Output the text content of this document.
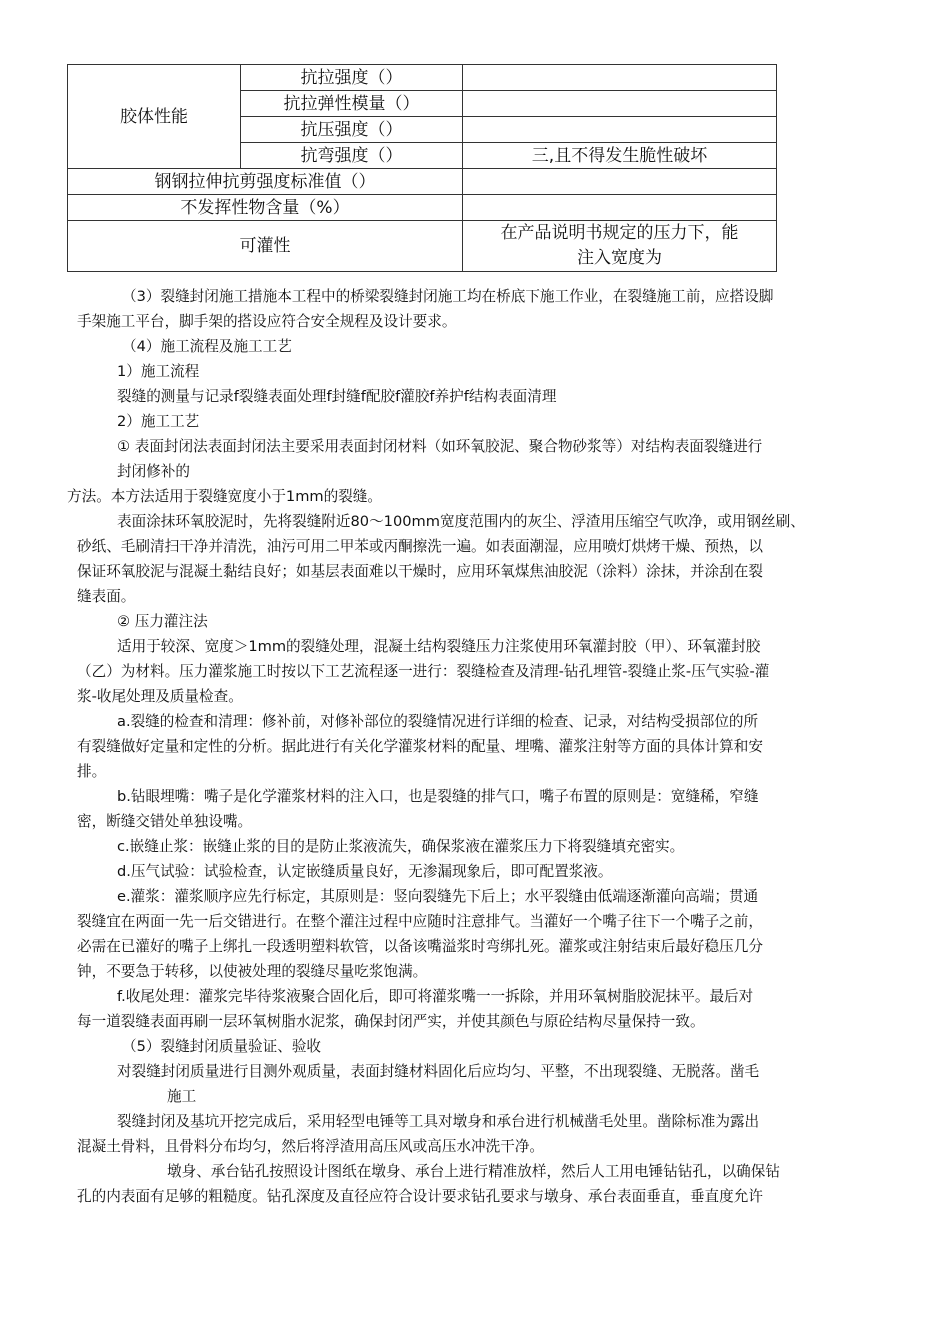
胶体性能	抗拉强度（）	
	抗拉弹性模量（）	
	抗压强度（）	
	抗弯强度（）	三,且不得发生脆性破坏
钢钢拉伸抗剪强度标准值（）		
不发挥性物含量（%）		
可灌性		在产品说明书规定的压力下，能
注入宽度为

（3）裂缝封闭施工措施本工程中的桥梁裂缝封闭施工均在桥底下施工作业，在裂缝施工前，应搭设脚

手架施工平台，脚手架的搭设应符合安全规程及设计要求。

（4）施工流程及施工工艺

1）施工流程

裂缝的测量与记录f裂缝表面处理f封缝f配胶f灌胶f养护f结构表面清理

2）施工工艺

① 表面封闭法表面封闭法主要采用表面封闭材料（如环氧胶泥、聚合物砂浆等）对结构表面裂缝进行

封闭修补的

方法。本方法适用于裂缝宽度小于1mm的裂缝。

表面涂抹环氧胶泥时，先将裂缝附近80〜100mm宽度范围内的灰尘、浮渣用压缩空气吹净，或用钢丝刷、

砂纸、毛刷清扫干净并清洗，油污可用二甲苯或丙酮擦洗一遍。如表面潮湿，应用喷灯烘烤干燥、预热，以

保证环氧胶泥与混凝土黏结良好；如基层表面难以干燥时，应用环氧煤焦油胶泥（涂料）涂抹，并涂刮在裂

缝表面。

② 压力灌注法

适用于较深、宽度＞1mm的裂缝处理，混凝土结构裂缝压力注浆使用环氧灌封胶（甲）、环氧灌封胶

（乙）为材料。压力灌浆施工时按以下工艺流程逐一进行：裂缝检查及清理-钻孔埋管-裂缝止浆-压气实验-灌

浆-收尾处理及质量检查。

a.裂缝的检查和清理：修补前，对修补部位的裂缝情况进行详细的检查、记录，对结构受损部位的所

有裂缝做好定量和定性的分析。据此进行有关化学灌浆材料的配量、埋嘴、灌浆注射等方面的具体计算和安

排。

b.钻眼埋嘴：嘴子是化学灌浆材料的注入口，也是裂缝的排气口，嘴子布置的原则是：宽缝稀，窄缝

密，断缝交错处单独设嘴。

c.嵌缝止浆：嵌缝止浆的目的是防止浆液流失，确保浆液在灌浆压力下将裂缝填充密实。

d.压气试验：试验检查，认定嵌缝质量良好，无渗漏现象后，即可配置浆液。

e.灌浆：灌浆顺序应先行标定，其原则是：竖向裂缝先下后上；水平裂缝由低端逐渐灌向高端；贯通

裂缝宜在两面一先一后交错进行。在整个灌注过程中应随时注意排气。当灌好一个嘴子往下一个嘴子之前，

必需在已灌好的嘴子上绑扎一段透明塑料软管，以备该嘴溢浆时弯绑扎死。灌浆或注射结束后最好稳压几分

钟，不要急于转移，以使被处理的裂缝尽量吃浆饱满。

f.收尾处理：灌浆完毕待浆液聚合固化后，即可将灌浆嘴一一拆除，并用环氧树脂胶泥抹平。最后对

每一道裂缝表面再刷一层环氧树脂水泥浆，确保封闭严实，并使其颜色与原砼结构尽量保持一致。

（5）裂缝封闭质量验证、验收

对裂缝封闭质量进行目测外观质量，表面封缝材料固化后应均匀、平整，不出现裂缝、无脱落。凿毛

施工

裂缝封闭及基坑开挖完成后，采用轻型电锤等工具对墩身和承台进行机械凿毛处里。凿除标准为露出

混凝土骨料，且骨料分布均匀，然后将浮渣用高压风或高压水冲洗干净。

墩身、承台钻孔按照设计图纸在墩身、承台上进行精准放样，然后人工用电锤钻钻孔，以确保钻

孔的内表面有足够的粗糙度。钻孔深度及直径应符合设计要求钻孔要求与墩身、承台表面垂直，垂直度允许
